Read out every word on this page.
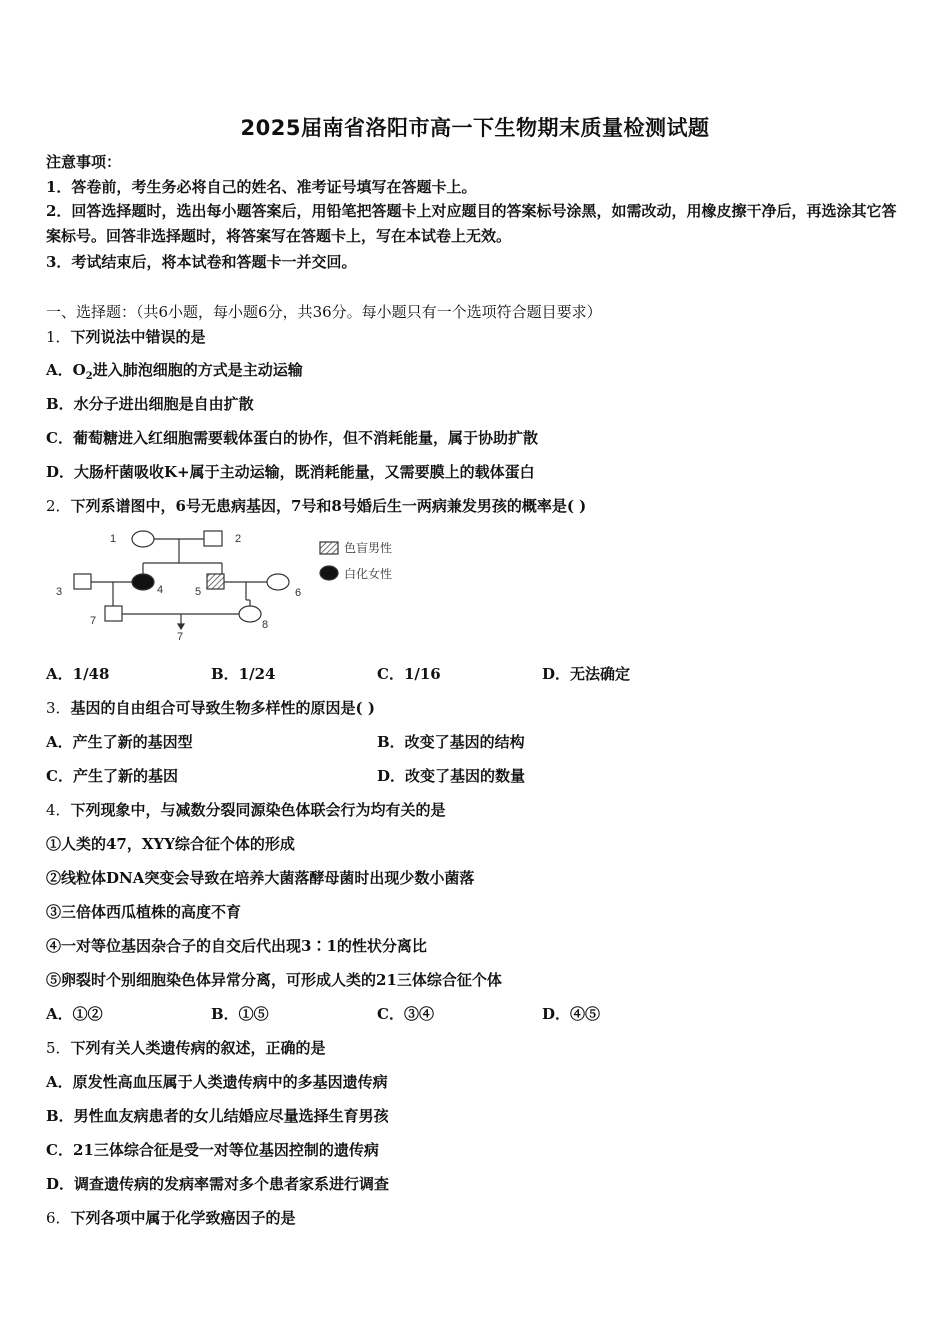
2025届南省洛阳市高一下生物期末质量检测试题
注意事项：
1．答卷前，考生务必将自己的姓名、准考证号填写在答题卡上。
2．回答选择题时，选出每小题答案后，用铅笔把答题卡上对应题目的答案标号涂黑，如需改动，用橡皮擦干净后，再选涂其它答案标号。回答非选择题时，将答案写在答题卡上，写在本试卷上无效。
3．考试结束后，将本试卷和答题卡一并交回。
一、选择题：（共6小题，每小题6分，共36分。每小题只有一个选项符合题目要求）
1．下列说法中错误的是
A．$O_2$进入肺泡细胞的方式是主动运输
B．水分子进出细胞是自由扩散
C．葡萄糖进入红细胞需要载体蛋白的协作，但不消耗能量，属于协助扩散
D．大肠杆菌吸收K+属于主动运输，既消耗能量，又需要膜上的载体蛋白
2．下列系谱图中，6号无患病基因，7号和8号婚后生一两病兼发男孩的概率是( )
1	2
3	4	5	6
7	8
7
色盲男性
白化女性
A．1/48	B．1/24	C．1/16	D．无法确定
3．基因的自由组合可导致生物多样性的原因是( )
A．产生了新的基因型	B．改变了基因的结构
C．产生了新的基因	D．改变了基因的数量
4．下列现象中，与减数分裂同源染色体联会行为均有关的是
①人类的47，XYY综合征个体的形成
②线粒体DNA突变会导致在培养大菌落酵母菌时出现少数小菌落
③三倍体西瓜植株的高度不育
④一对等位基因杂合子的自交后代出现3∶1的性状分离比
⑤卵裂时个别细胞染色体异常分离，可形成人类的21三体综合征个体
A．①②	B．①⑤	C．③④	D．④⑤
5．下列有关人类遗传病的叙述，正确的是
A．原发性高血压属于人类遗传病中的多基因遗传病
B．男性血友病患者的女儿结婚应尽量选择生育男孩
C．21三体综合征是受一对等位基因控制的遗传病
D．调查遗传病的发病率需对多个患者家系进行调查
6．下列各项中属于化学致癌因子的是
